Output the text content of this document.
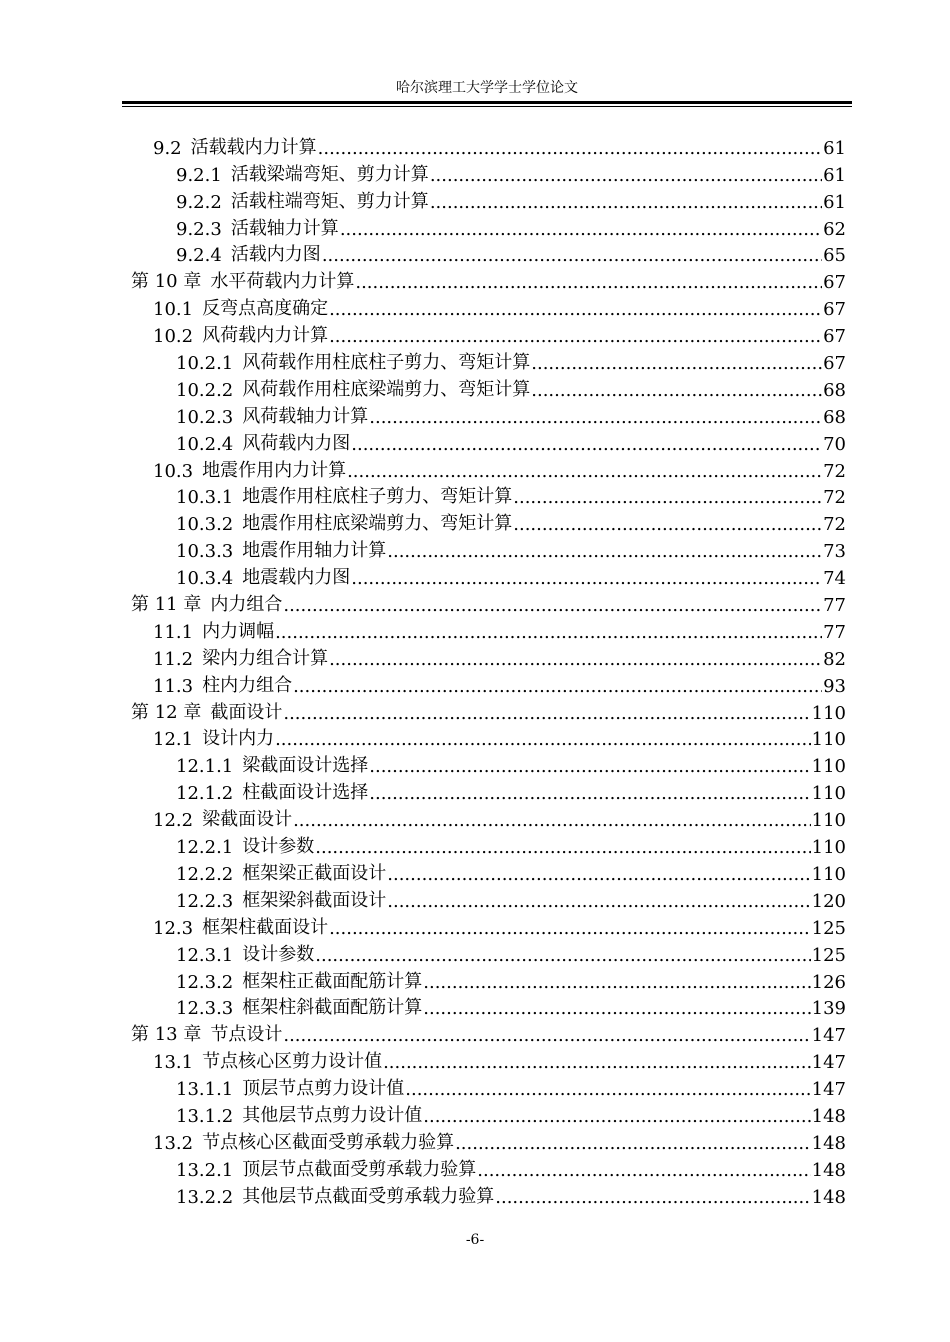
哈尔滨理工大学学士学位论文
9.2 活载载内力计算 .....	61
9.2.1 活载梁端弯矩、剪力计算 .....	61
9.2.2 活载柱端弯矩、剪力计算 .....	61
9.2.3 活载轴力计算 .....	62
9.2.4 活载内力图 .....	65
第 10 章 水平荷载内力计算 .....	67
10.1 反弯点高度确定 .....	67
10.2 风荷载内力计算 .....	67
10.2.1 风荷载作用柱底柱子剪力、弯矩计算 .....	67
10.2.2 风荷载作用柱底梁端剪力、弯矩计算 .....	68
10.2.3 风荷载轴力计算 .....	68
10.2.4 风荷载内力图 .....	70
10.3 地震作用内力计算 .....	72
10.3.1 地震作用柱底柱子剪力、弯矩计算 .....	72
10.3.2 地震作用柱底梁端剪力、弯矩计算 .....	72
10.3.3 地震作用轴力计算 .....	73
10.3.4 地震载内力图 .....	74
第 11 章 内力组合 .....	77
11.1 内力调幅 .....	77
11.2 梁内力组合计算 .....	82
11.3 柱内力组合 .....	93
第 12 章 截面设计 .....	110
12.1 设计内力 .....	110
12.1.1 梁截面设计选择 .....	110
12.1.2 柱截面设计选择 .....	110
12.2 梁截面设计 .....	110
12.2.1 设计参数 .....	110
12.2.2 框架梁正截面设计 .....	110
12.2.3 框架梁斜截面设计 .....	120
12.3 框架柱截面设计 .....	125
12.3.1 设计参数 .....	125
12.3.2 框架柱正截面配筋计算 .....	126
12.3.3 框架柱斜截面配筋计算 .....	139
第 13 章 节点设计 .....	147
13.1 节点核心区剪力设计值 .....	147
13.1.1 顶层节点剪力设计值 .....	147
13.1.2 其他层节点剪力设计值 .....	148
13.2 节点核心区截面受剪承载力验算 .....	148
13.2.1 顶层节点截面受剪承载力验算 .....	148
13.2.2 其他层节点截面受剪承载力验算 .....	148
-6-
